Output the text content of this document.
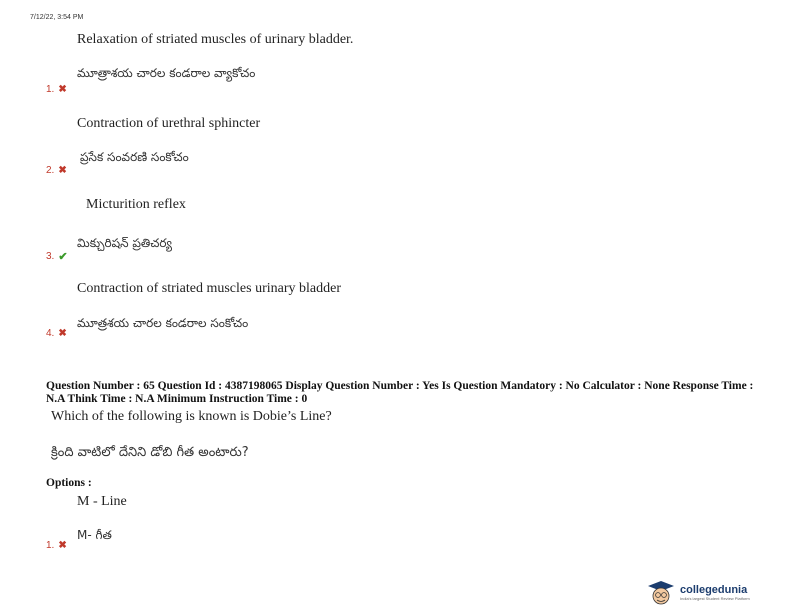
7/12/22, 3:54 PM
Relaxation of striated muscles of urinary bladder.
మూత్రాశయ చారల కండరాల వ్యాకోచం
1. ✖
Contraction of urethral sphincter
ప్రసేక సంవరణి సంకోచం
2. ✖
Micturition reflex
మిక్చురిషన్ ప్రతిచర్య
3. ✔
Contraction of striated muscles urinary bladder
మూత్రశయ చారల కండరాల సంకోచం
4. ✖
Question Number : 65 Question Id : 4387198065 Display Question Number : Yes Is Question Mandatory : No Calculator : None Response Time : N.A Think Time : N.A Minimum Instruction Time : 0
Which of the following is known is Dobie’s Line?
క్రింది వాటిలో దేనిని డోబి గీత అంటారు?
Options :
M - Line
M- గీత
1. ✖
collegedunia
India's largest Student Review Platform
